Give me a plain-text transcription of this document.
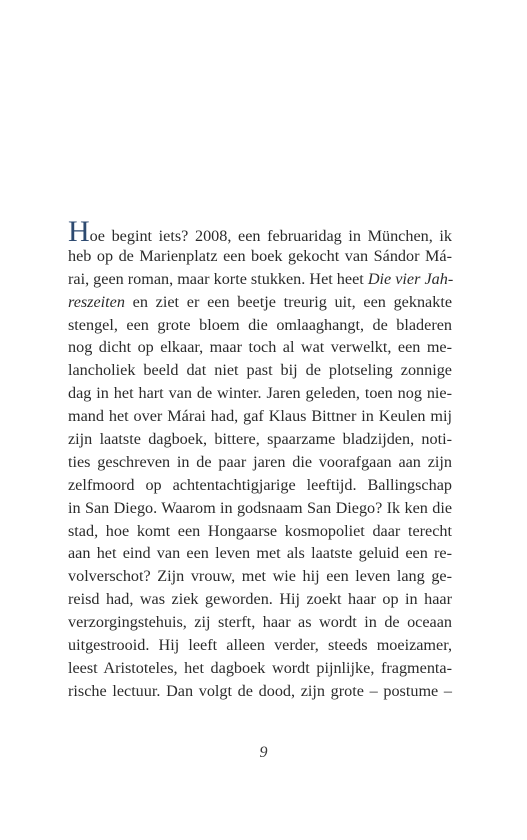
Hoe begint iets? 2008, een februaridag in München, ik
heb op de Marienplatz een boek gekocht van Sándor Má-
rai, geen roman, maar korte stukken. Het heet Die vier Jah-
reszeiten en ziet er een beetje treurig uit, een geknakte
stengel, een grote bloem die omlaaghangt, de bladeren
nog dicht op elkaar, maar toch al wat verwelkt, een me-
lancholiek beeld dat niet past bij de plotseling zonnige
dag in het hart van de winter. Jaren geleden, toen nog nie-
mand het over Márai had, gaf Klaus Bittner in Keulen mij
zijn laatste dagboek, bittere, spaarzame bladzijden, noti-
ties geschreven in de paar jaren die voorafgaan aan zijn
zelfmoord op achtentachtigjarige leeftijd. Ballingschap
in San Diego. Waarom in godsnaam San Diego? Ik ken die
stad, hoe komt een Hongaarse kosmopoliet daar terecht
aan het eind van een leven met als laatste geluid een re-
volverschot? Zijn vrouw, met wie hij een leven lang ge-
reisd had, was ziek geworden. Hij zoekt haar op in haar
verzorgingstehuis, zij sterft, haar as wordt in de oceaan
uitgestrooid. Hij leeft alleen verder, steeds moeizamer,
leest Aristoteles, het dagboek wordt pijnlijke, fragmenta-
rische lectuur. Dan volgt de dood, zijn grote – postume –
9
